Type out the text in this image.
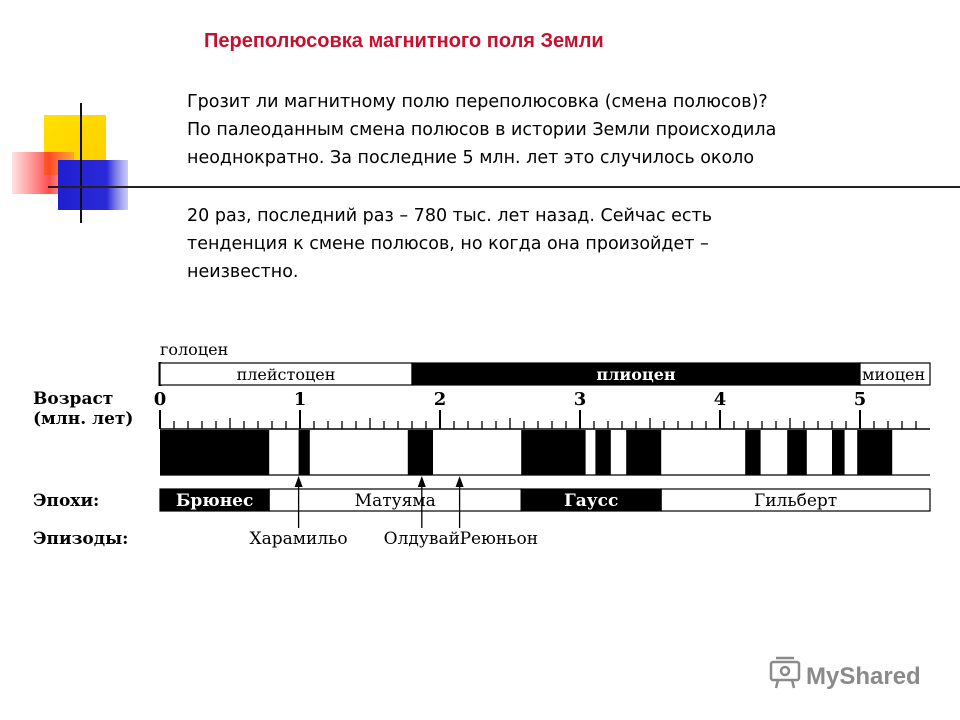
Переполюсовка магнитного поля Земли
Грозит ли магнитному полю переполюсовка (смена полюсов)?
По палеоданным смена полюсов в истории Земли происходила
неоднократно. За последние 5 млн. лет это случилось около
20 раз, последний раз – 780 тыс. лет назад. Сейчас есть
тенденция к смене полюсов, но когда она произойдет –
неизвестно.
голоцен
Возраст
(млн. лет)
Эпохи:
Эпизоды:
плейстоцен	плиоцен	миоцен
0	1	2	3	4	5
Брюнес	Матуяма	Гаусс	Гильберт
Харамильо Олдувай Реюньон
MyShared
